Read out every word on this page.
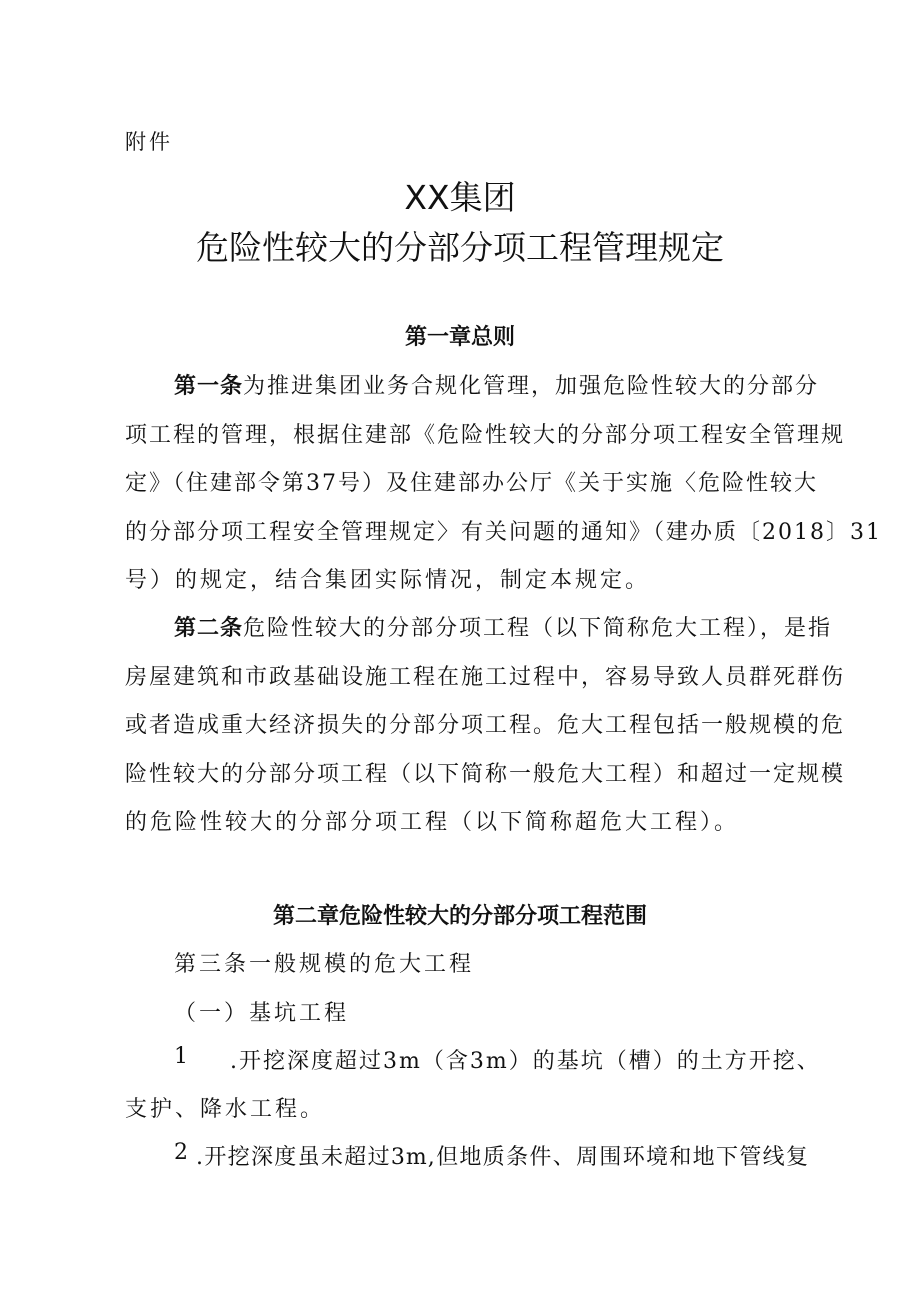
附件
XX集团
危险性较大的分部分项工程管理规定
第一章总则
第一条为推进集团业务合规化管理，加强危险性较大的分部分
项工程的管理，根据住建部《危险性较大的分部分项工程安全管理规
定》（住建部令第37号）及住建部办公厅《关于实施〈危险性较大
的分部分项工程安全管理规定〉有关问题的通知》（建办质〔2018〕31
号）的规定，结合集团实际情况，制定本规定。
第二条危险性较大的分部分项工程（以下简称危大工程），是指
房屋建筑和市政基础设施工程在施工过程中，容易导致人员群死群伤
或者造成重大经济损失的分部分项工程。危大工程包括一般规模的危
险性较大的分部分项工程（以下简称一般危大工程）和超过一定规模
的危险性较大的分部分项工程（以下简称超危大工程）。
第二章危险性较大的分部分项工程范围
第三条一般规模的危大工程
（一）基坑工程
1 .开挖深度超过3m（含3m）的基坑（槽）的土方开挖、
支护、降水工程。
2 .开挖深度虽未超过3m,但地质条件、周围环境和地下管线复
